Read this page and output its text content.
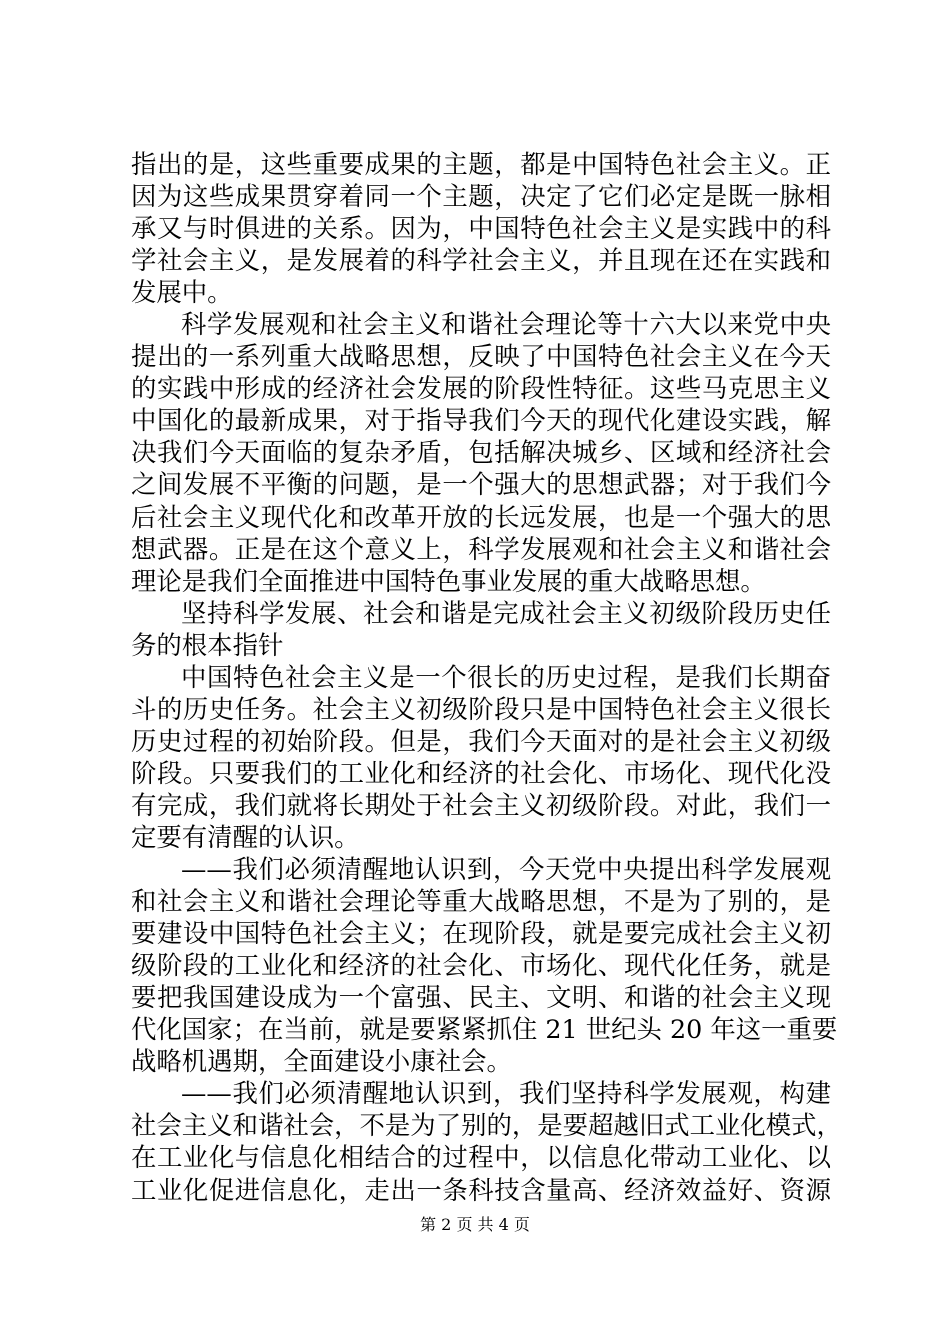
指出的是，这些重要成果的主题，都是中国特色社会主义。正
因为这些成果贯穿着同一个主题，决定了它们必定是既一脉相
承又与时俱进的关系。因为，中国特色社会主义是实践中的科
学社会主义，是发展着的科学社会主义，并且现在还在实践和
发展中。
科学发展观和社会主义和谐社会理论等十六大以来党中央
提出的一系列重大战略思想，反映了中国特色社会主义在今天
的实践中形成的经济社会发展的阶段性特征。这些马克思主义
中国化的最新成果，对于指导我们今天的现代化建设实践，解
决我们今天面临的复杂矛盾，包括解决城乡、区域和经济社会
之间发展不平衡的问题，是一个强大的思想武器；对于我们今
后社会主义现代化和改革开放的长远发展，也是一个强大的思
想武器。正是在这个意义上，科学发展观和社会主义和谐社会
理论是我们全面推进中国特色事业发展的重大战略思想。
坚持科学发展、社会和谐是完成社会主义初级阶段历史任
务的根本指针
中国特色社会主义是一个很长的历史过程，是我们长期奋
斗的历史任务。社会主义初级阶段只是中国特色社会主义很长
历史过程的初始阶段。但是，我们今天面对的是社会主义初级
阶段。只要我们的工业化和经济的社会化、市场化、现代化没
有完成，我们就将长期处于社会主义初级阶段。对此，我们一
定要有清醒的认识。
——我们必须清醒地认识到，今天党中央提出科学发展观
和社会主义和谐社会理论等重大战略思想，不是为了别的，是
要建设中国特色社会主义；在现阶段，就是要完成社会主义初
级阶段的工业化和经济的社会化、市场化、现代化任务，就是
要把我国建设成为一个富强、民主、文明、和谐的社会主义现
代化国家；在当前，就是要紧紧抓住 21 世纪头 20 年这一重要
战略机遇期，全面建设小康社会。
——我们必须清醒地认识到，我们坚持科学发展观，构建
社会主义和谐社会，不是为了别的，是要超越旧式工业化模式，
在工业化与信息化相结合的过程中，以信息化带动工业化、以
工业化促进信息化，走出一条科技含量高、经济效益好、资源
第 2 页 共 4 页
